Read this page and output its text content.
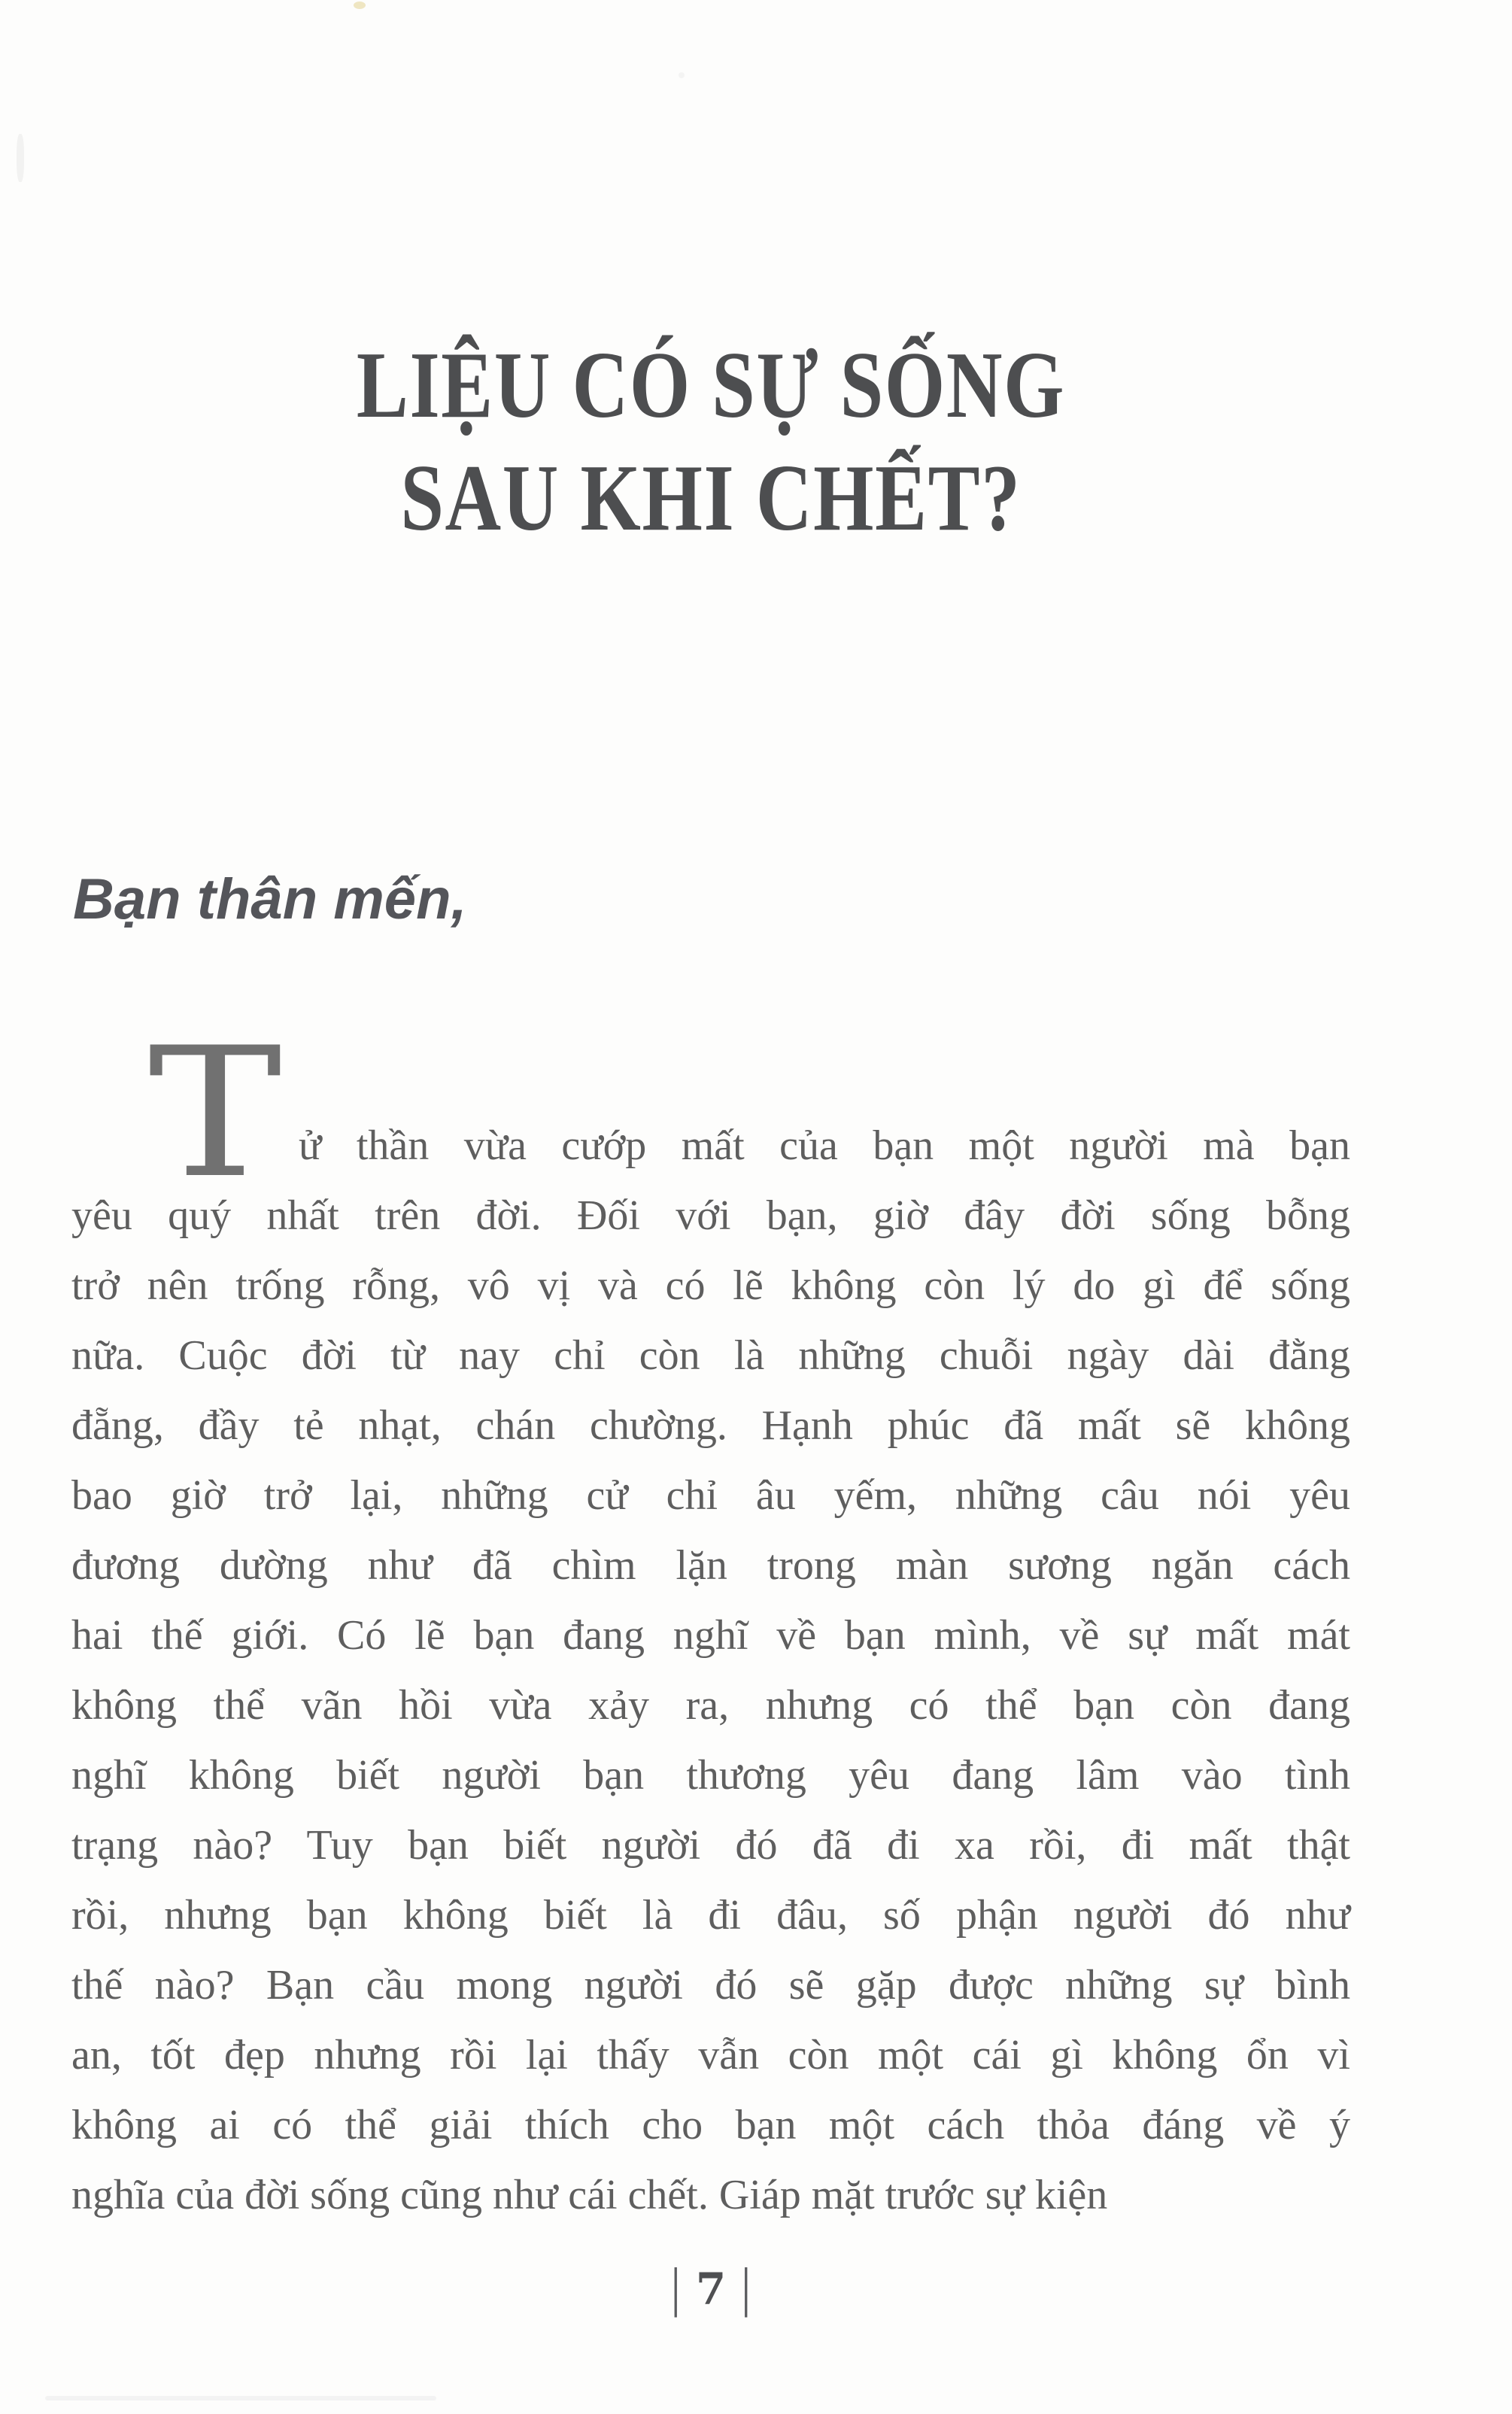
LIỆU CÓ SỰ SỐNG
SAU KHI CHẾT?
Bạn thân mến,
T ử thần vừa cướp mất của bạn một người mà bạn
yêu quý nhất trên đời. Đối với bạn, giờ đây đời sống bỗng
trở nên trống rỗng, vô vị và có lẽ không còn lý do gì để sống
nữa. Cuộc đời từ nay chỉ còn là những chuỗi ngày dài đằng
đẵng, đầy tẻ nhạt, chán chường. Hạnh phúc đã mất sẽ không
bao giờ trở lại, những cử chỉ âu yếm, những câu nói yêu
đương dường như đã chìm lặn trong màn sương ngăn cách
hai thế giới. Có lẽ bạn đang nghĩ về bạn mình, về sự mất mát
không thể vãn hồi vừa xảy ra, nhưng có thể bạn còn đang
nghĩ không biết người bạn thương yêu đang lâm vào tình
trạng nào? Tuy bạn biết người đó đã đi xa rồi, đi mất thật
rồi, nhưng bạn không biết là đi đâu, số phận người đó như
thế nào? Bạn cầu mong người đó sẽ gặp được những sự bình
an, tốt đẹp nhưng rồi lại thấy vẫn còn một cái gì không ổn vì
không ai có thể giải thích cho bạn một cách thỏa đáng về ý
nghĩa của đời sống cũng như cái chết. Giáp mặt trước sự kiện
| 7 |
